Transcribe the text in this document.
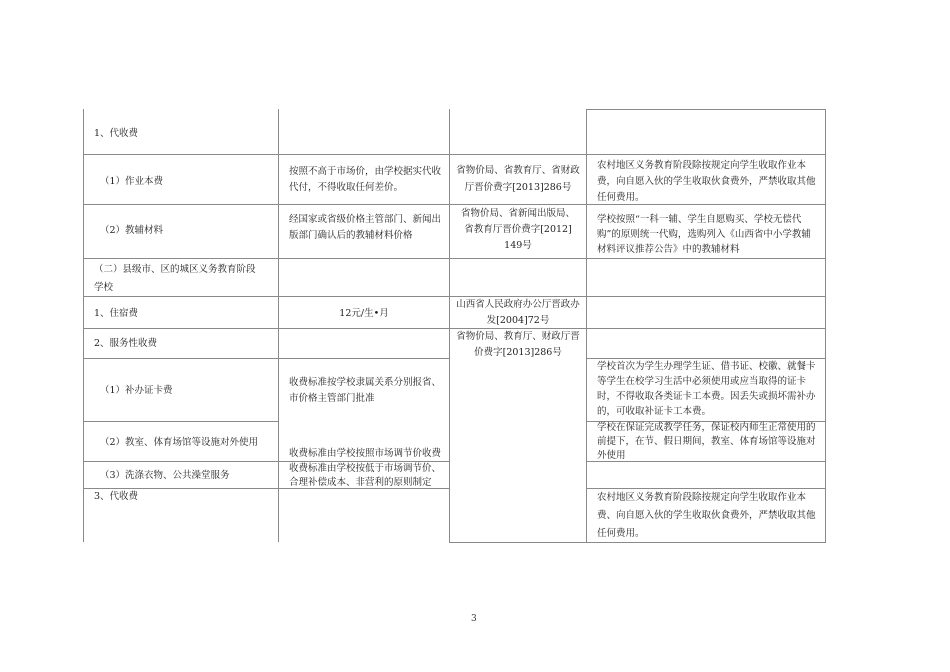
1、代收费
（1）作业本费
（2）教辅材料
（二）县级市、区的城区义务教育阶段
学校
1、住宿费
2、服务性收费
（1）补办证卡费
（2）教室、体育场馆等设施对外使用
（3）洗涤衣物、公共澡堂服务
3、代收费
按照不高于市场价，由学校据实代收
代付，不得收取任何差价。
经国家或省级价格主管部门、新闻出
版部门确认后的教辅材料价格
12元/生•月
收费标准按学校隶属关系分别报省、
市价格主管部门批准
收费标准由学校按照市场调节价收费
收费标准由学校按低于市场调节价、
合理补偿成本、非营利的原则制定
省物价局、省教育厅、省财政
厅晋价费字[2013]286号
省物价局、省新闻出版局、
省教育厅晋价费字[2012]
149号
山西省人民政府办公厅晋政办
发[2004]72号
省物价局、教育厅、财政厅晋
价费字[2013]286号
农村地区义务教育阶段除按规定向学生收取作业本
费，向自愿入伙的学生收取伙食费外，严禁收取其他
任何费用。
学校按照“一科一辅、学生自愿购买、学校无偿代
购”的原则统一代购，选购列入《山西省中小学教辅
材料评议推荐公告》中的教辅材料
学校首次为学生办理学生证、借书证、校徽、就餐卡
等学生在校学习生活中必须使用或应当取得的证卡
时，不得收取各类证卡工本费。因丢失或损坏需补办
的，可收取补证卡工本费。
学校在保证完成教学任务，保证校内师生正常使用的
前提下，在节、假日期间，教室、体育场馆等设施对
外使用
农村地区义务教育阶段除按规定向学生收取作业本
费、向自愿入伙的学生收取伙食费外，严禁收取其他
任何费用。
3
